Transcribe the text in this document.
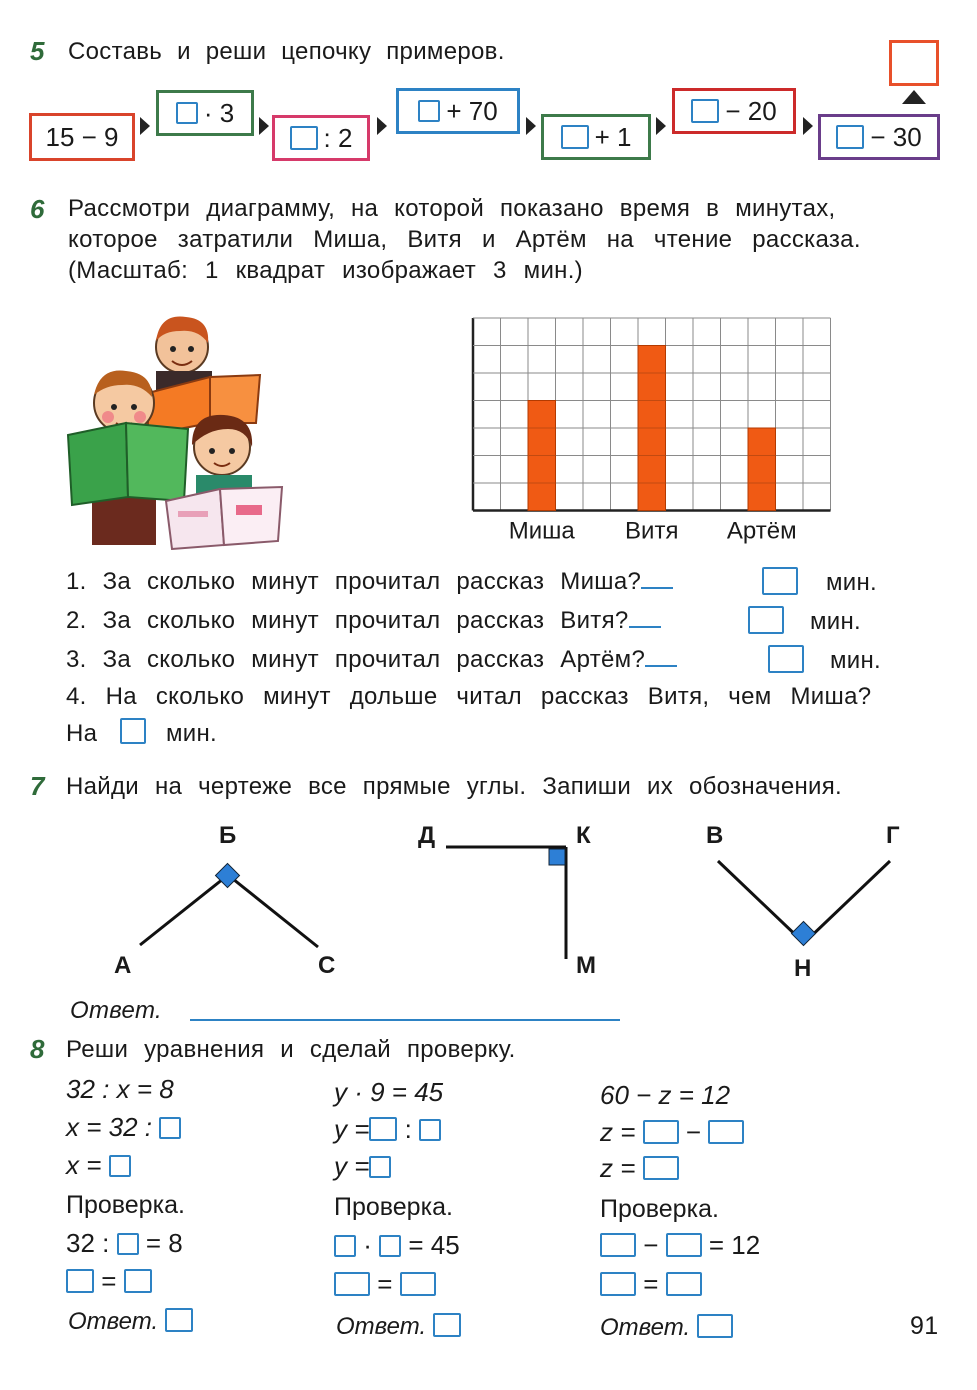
5 Составь и реши цепочку примеров.
15 − 9
· 3
: 2
+ 70
+ 1
− 20
− 30
6 Рассмотри диаграмму, на которой показано время в минутах,
которое затратили Миша, Витя и Артём на чтение рассказа.
(Масштаб: 1 квадрат изображает 3 мин.)
Миша Витя Артём
1. За сколько минут прочитал рассказ Миша?	мин.
2. За сколько минут прочитал рассказ Витя?	мин.
3. За сколько минут прочитал рассказ Артём?	мин.
4. На сколько минут дольше читал рассказ Витя, чем Миша?
На	мин.
7 Найди на чертеже все прямые углы. Запиши их обозначения.
Б
А	С
Д	К
М
В	Г
Н
Ответ.
8 Реши уравнения и сделай проверку.
32 : x = 8
x = 32 :
x =
Проверка.
32 : = 8
=
Ответ.
y · 9 = 45
y = :
y =
Проверка.
· = 45
=
Ответ.
60 − z = 12
z = −
z =
Проверка.
− = 12
=
Ответ.	91
